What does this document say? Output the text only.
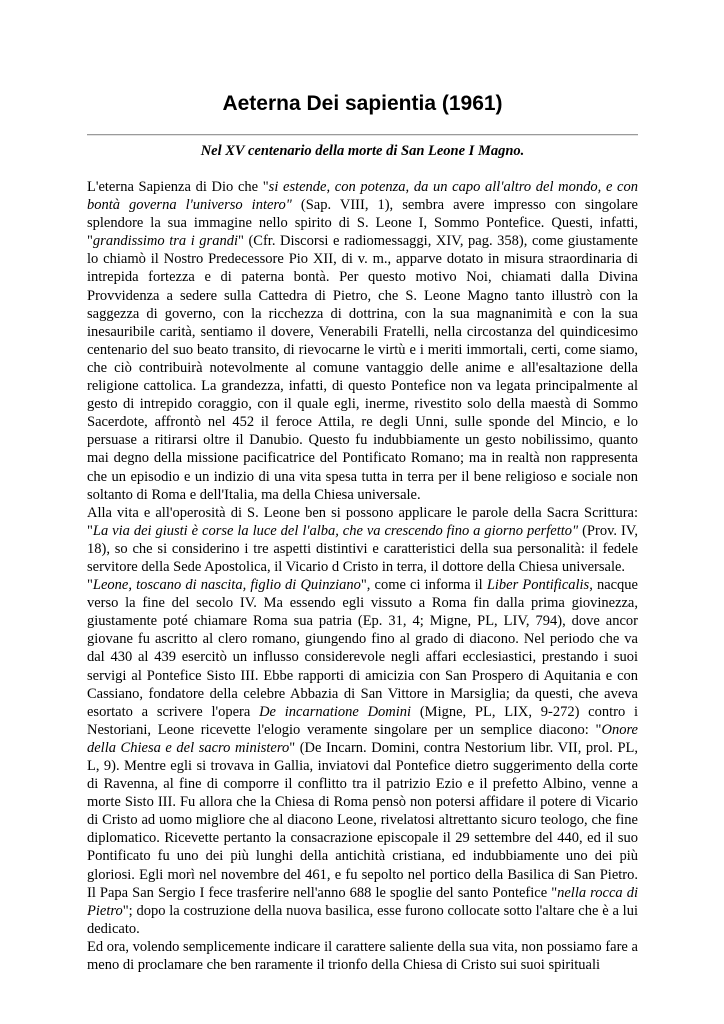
Aeterna Dei sapientia (1961)
Nel XV centenario della morte di San Leone I Magno.

L'eterna Sapienza di Dio che "si estende, con potenza, da un capo all'altro del mondo, e con bontà governa l'universo intero" (Sap. VIII, 1), sembra avere impresso con singolare splendore la sua immagine nello spirito di S. Leone I, Sommo Pontefice. Questi, infatti, "grandissimo tra i grandi" (Cfr. Discorsi e radiomessaggi, XIV, pag. 358), come giustamente lo chiamò il Nostro Predecessore Pio XII, di v. m., apparve dotato in misura straordinaria di intrepida fortezza e di paterna bontà. Per questo motivo Noi, chiamati dalla Divina Provvidenza a sedere sulla Cattedra di Pietro, che S. Leone Magno tanto illustrò con la saggezza di governo, con la ricchezza di dottrina, con la sua magnanimità e con la sua inesauribile carità, sentiamo il dovere, Venerabili Fratelli, nella circostanza del quindicesimo centenario del suo beato transito, di rievocarne le virtù e i meriti immortali, certi, come siamo, che ciò contribuirà notevolmente al comune vantaggio delle anime e all'esaltazione della religione cattolica. La grandezza, infatti, di questo Pontefice non va legata principalmente al gesto di intrepido coraggio, con il quale egli, inerme, rivestito solo della maestà di Sommo Sacerdote, affrontò nel 452 il feroce Attila, re degli Unni, sulle sponde del Mincio, e lo persuase a ritirarsi oltre il Danubio. Questo fu indubbiamente un gesto nobilissimo, quanto mai degno della missione pacificatrice del Pontificato Romano; ma in realtà non rappresenta che un episodio e un indizio di una vita spesa tutta in terra per il bene religioso e sociale non soltanto di Roma e dell'Italia, ma della Chiesa universale.

Alla vita e all'operosità di S. Leone ben si possono applicare le parole della Sacra Scrittura: "La via dei giusti è corse la luce del l'alba, che va crescendo fino a giorno perfetto" (Prov. IV, 18), so che si considerino i tre aspetti distintivi e caratteristici della sua personalità: il fedele servitore della Sede Apostolica, il Vicario d Cristo in terra, il dottore della Chiesa universale.

"Leone, toscano di nascita, figlio di Quinziano", come ci informa il Liber Pontificalis, nacque verso la fine del secolo IV. Ma essendo egli vissuto a Roma fin dalla prima giovinezza, giustamente poté chiamare Roma sua patria (Ep. 31, 4; Migne, PL, LIV, 794), dove ancor giovane fu ascritto al clero romano, giungendo fino al grado di diacono. Nel periodo che va dal 430 al 439 esercitò un influsso considerevole negli affari ecclesiastici, prestando i suoi servigi al Pontefice Sisto III. Ebbe rapporti di amicizia con San Prospero di Aquitania e con Cassiano, fondatore della celebre Abbazia di San Vittore in Marsiglia; da questi, che aveva esortato a scrivere l'opera De incarnatione Domini (Migne, PL, LIX, 9-272) contro i Nestoriani, Leone ricevette l'elogio veramente singolare per un semplice diacono: "Onore della Chiesa e del sacro ministero" (De Incarn. Domini, contra Nestorium libr. VII, prol. PL, L, 9). Mentre egli si trovava in Gallia, inviatovi dal Pontefice dietro suggerimento della corte di Ravenna, al fine di comporre il conflitto tra il patrizio Ezio e il prefetto Albino, venne a morte Sisto III. Fu allora che la Chiesa di Roma pensò non potersi affidare il potere di Vicario di Cristo ad uomo migliore che al diacono Leone, rivelatosi altrettanto sicuro teologo, che fine diplomatico. Ricevette pertanto la consacrazione episcopale il 29 settembre del 440, ed il suo Pontificato fu uno dei più lunghi della antichità cristiana, ed indubbiamente uno dei più gloriosi. Egli morì nel novembre del 461, e fu sepolto nel portico della Basilica di San Pietro. Il Papa San Sergio I fece trasferire nell'anno 688 le spoglie del santo Pontefice "nella rocca di Pietro"; dopo la costruzione della nuova basilica, esse furono collocate sotto l'altare che è a lui dedicato.

Ed ora, volendo semplicemente indicare il carattere saliente della sua vita, non possiamo fare a meno di proclamare che ben raramente il trionfo della Chiesa di Cristo sui suoi spirituali
